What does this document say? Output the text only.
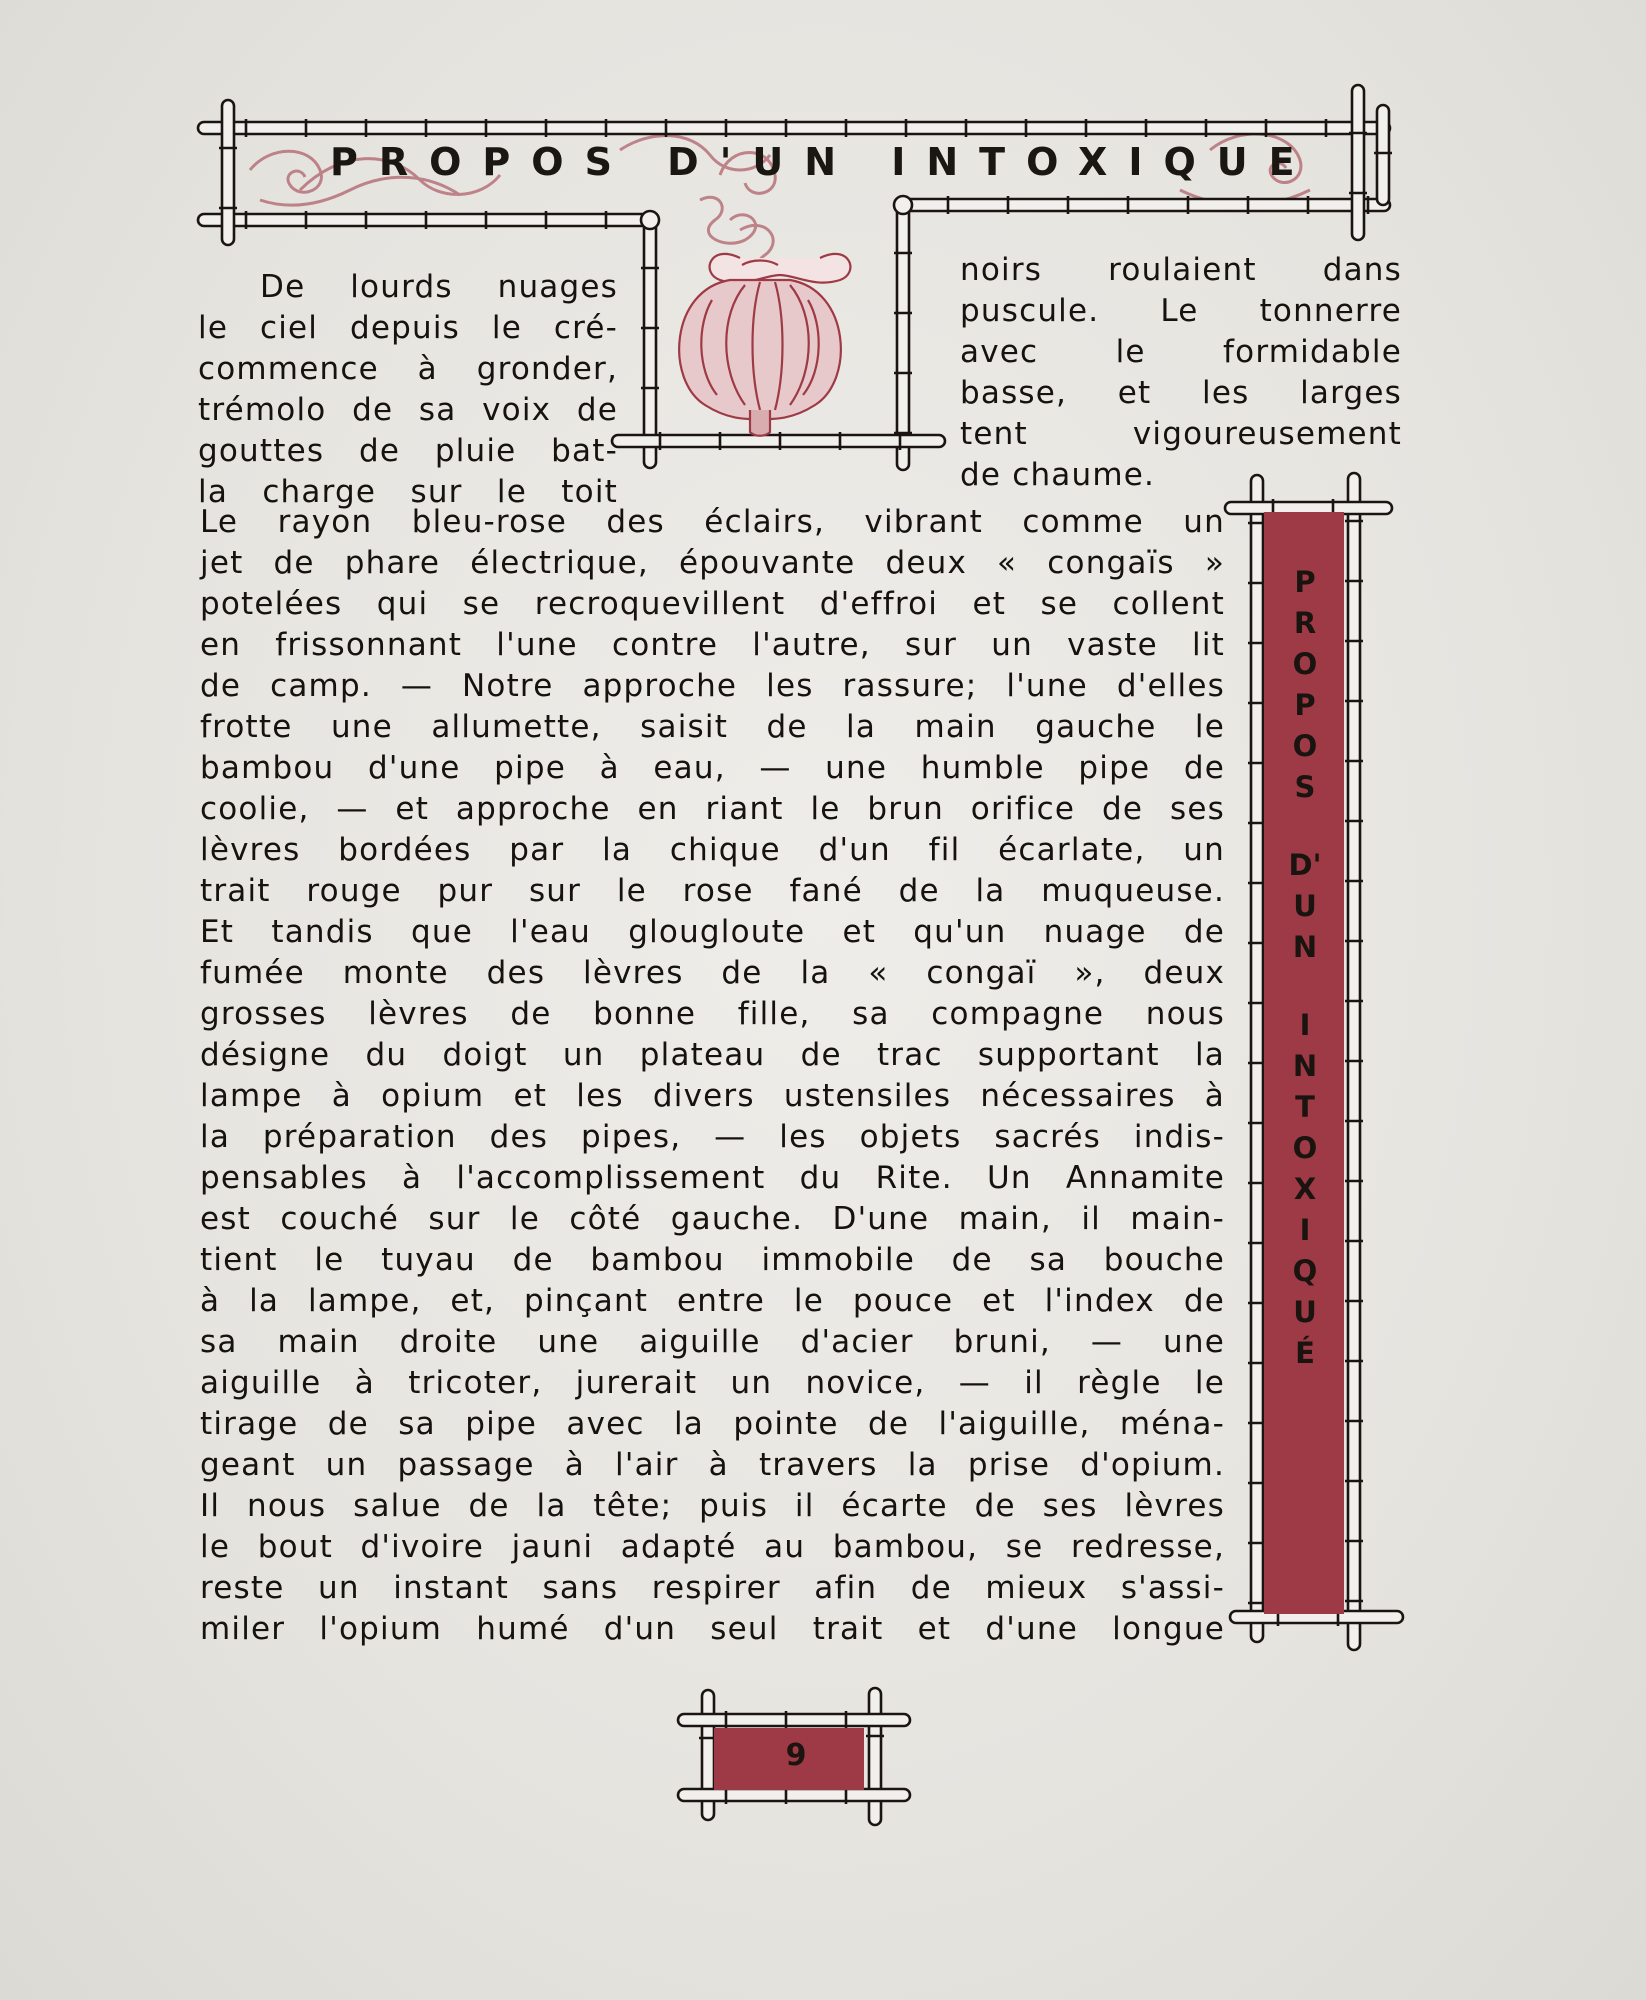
PROPOS D'UN INTOXIQUE
De lourds nuages
le ciel depuis le cré-
commence à gronder,
trémolo de sa voix de
gouttes de pluie bat-
la charge sur le toit
noirs roulaient dans
puscule. Le tonnerre
avec le formidable
basse, et les larges
tent vigoureusement
de chaume.
Le rayon bleu-rose des éclairs, vibrant comme un
jet de phare électrique, épouvante deux « congaïs »
potelées qui se recroquevillent d'effroi et se collent
en frissonnant l'une contre l'autre, sur un vaste lit
de camp. — Notre approche les rassure; l'une d'elles
frotte une allumette, saisit de la main gauche le
bambou d'une pipe à eau, — une humble pipe de
coolie, — et approche en riant le brun orifice de ses
lèvres bordées par la chique d'un fil écarlate, un
trait rouge pur sur le rose fané de la muqueuse.
Et tandis que l'eau glougloute et qu'un nuage de
fumée monte des lèvres de la « congaï », deux
grosses lèvres de bonne fille, sa compagne nous
désigne du doigt un plateau de trac supportant la
lampe à opium et les divers ustensiles nécessaires à
la préparation des pipes, — les objets sacrés indis-
pensables à l'accomplissement du Rite. Un Annamite
est couché sur le côté gauche. D'une main, il main-
tient le tuyau de bambou immobile de sa bouche
à la lampe, et, pinçant entre le pouce et l'index de
sa main droite une aiguille d'acier bruni, — une
aiguille à tricoter, jurerait un novice, — il règle le
tirage de sa pipe avec la pointe de l'aiguille, ména-
geant un passage à l'air à travers la prise d'opium.
Il nous salue de la tête; puis il écarte de ses lèvres
le bout d'ivoire jauni adapté au bambou, se redresse,
reste un instant sans respirer afin de mieux s'assi-
miler l'opium humé d'un seul trait et d'une longue
P
R
O
P
O
S
D'
U
N
I
N
T
O
X
I
Q
U
É
9
